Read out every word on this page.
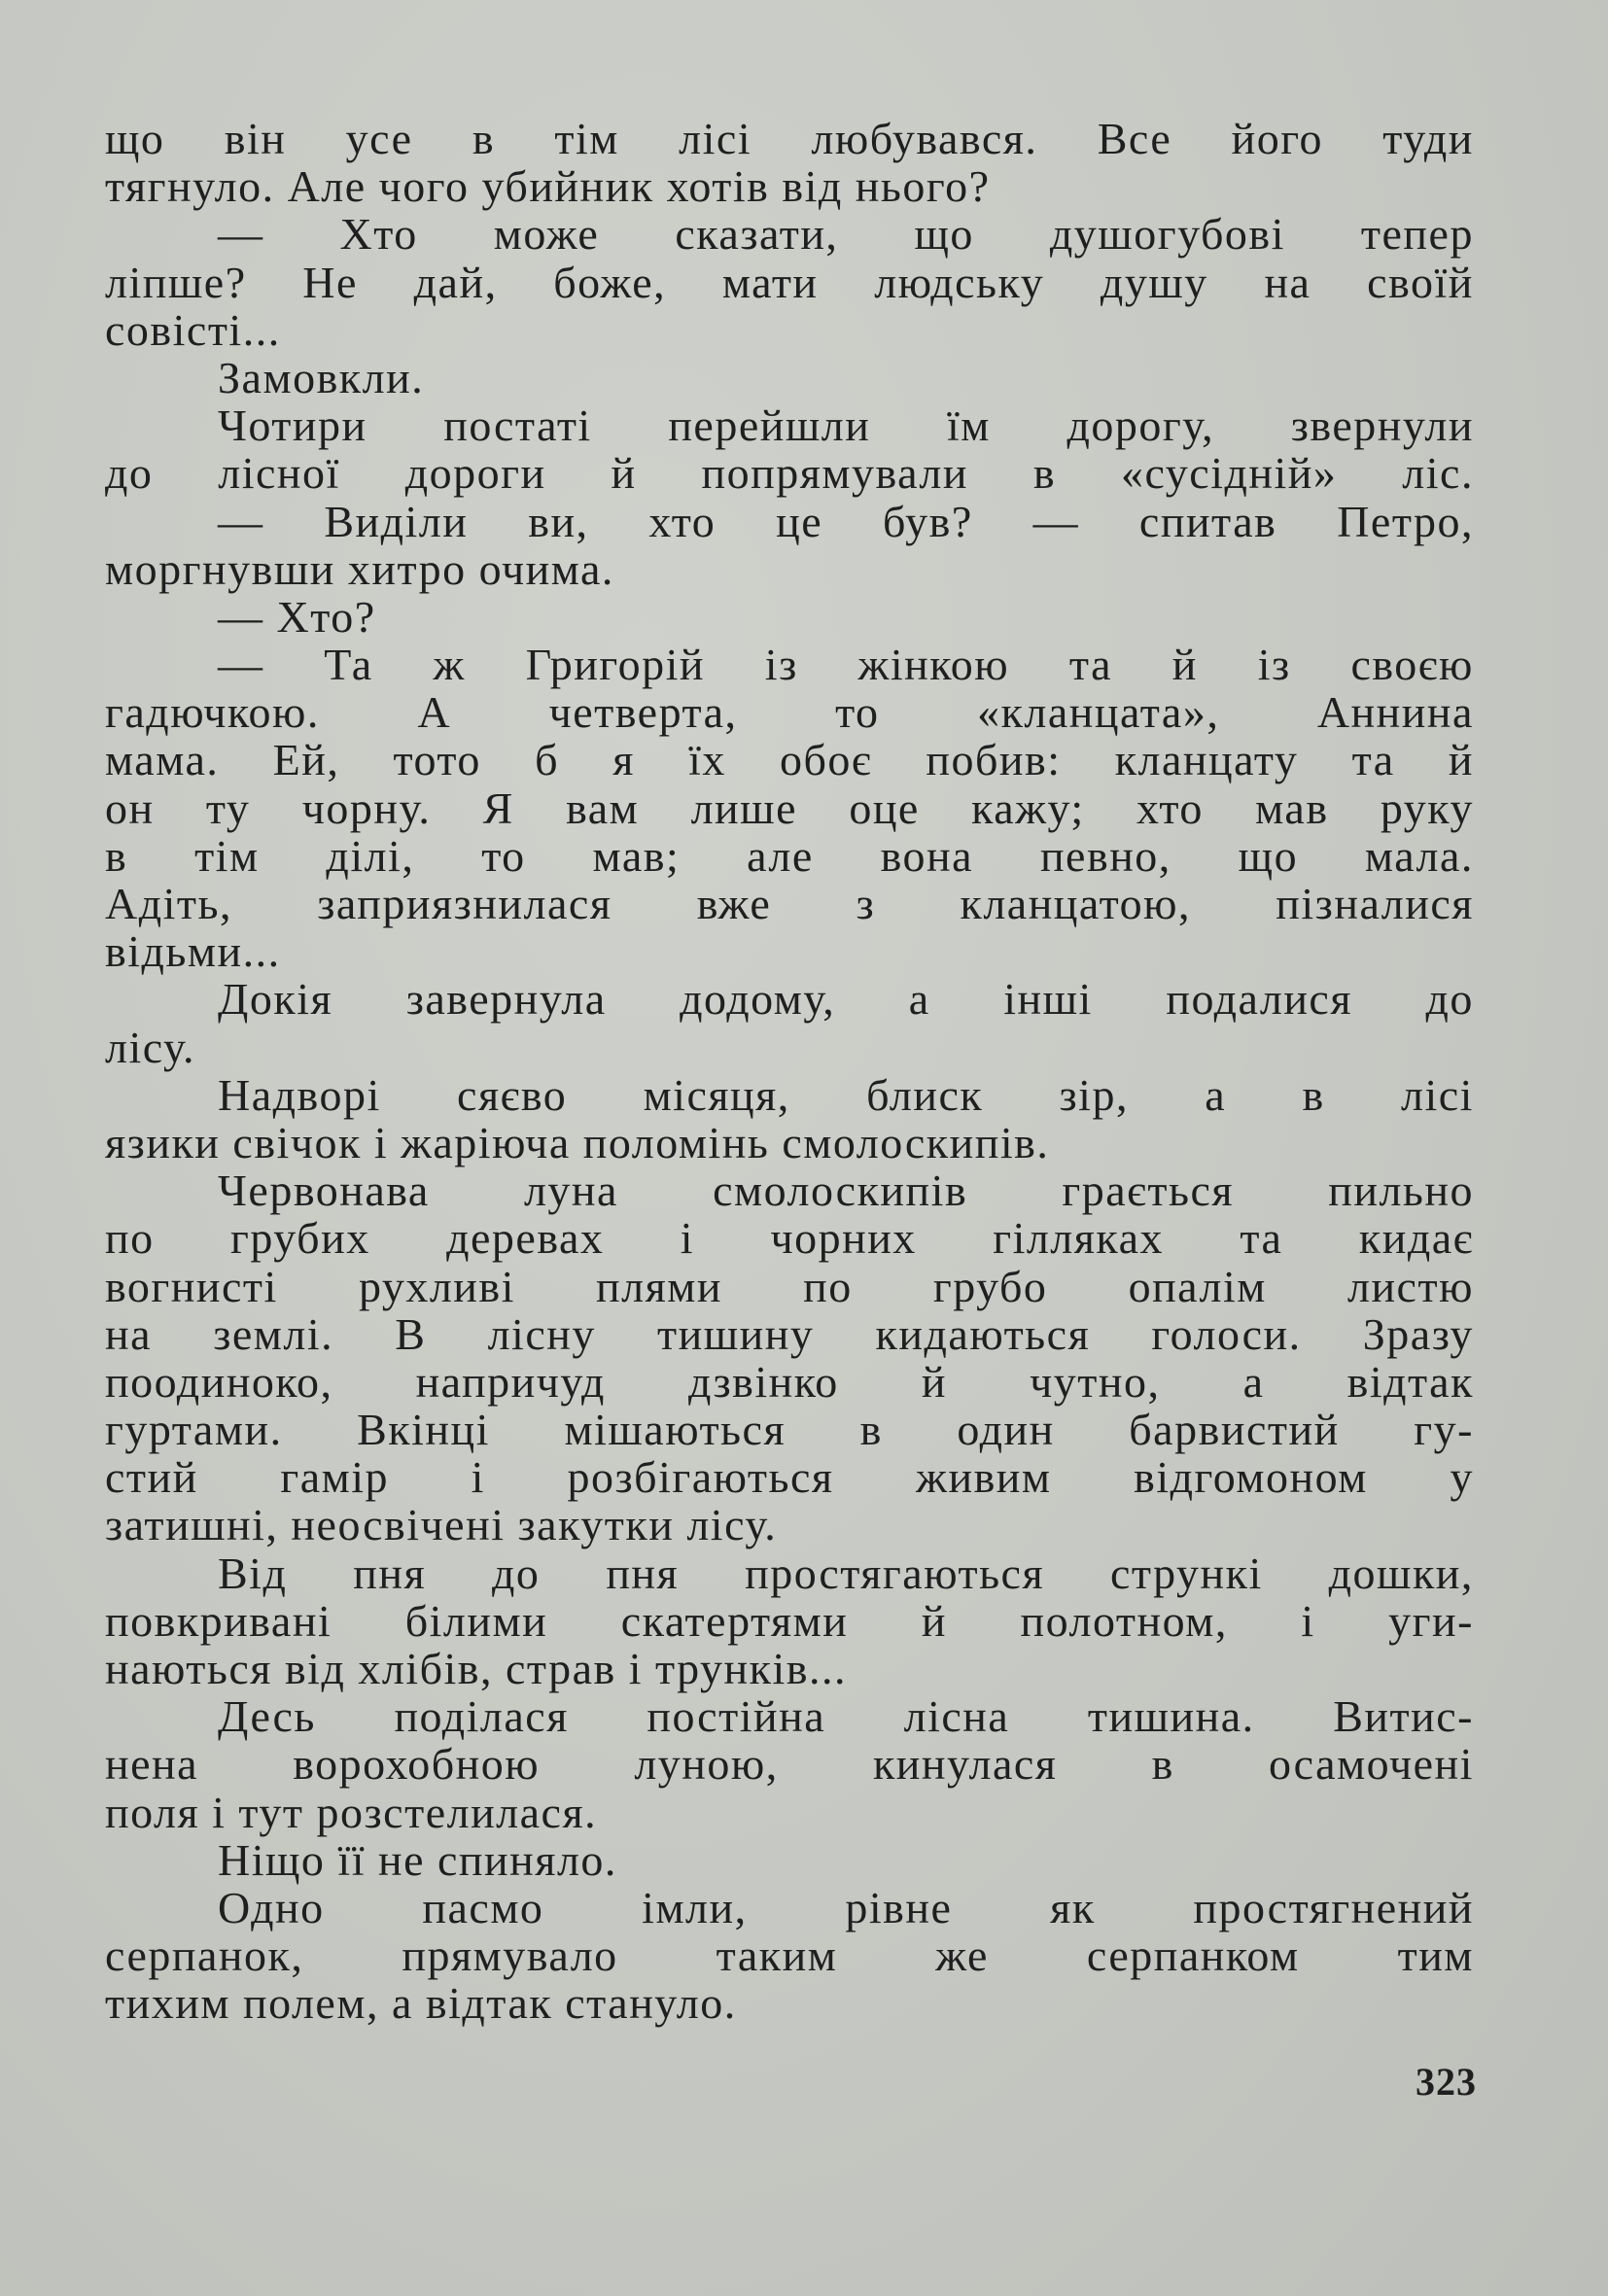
що він усе в тім лісі любувався. Все його туди
тягнуло. Але чого убийник хотів від нього?
— Хто може сказати, що душогубові тепер
ліпше? Не дай, боже, мати людську душу на своїй
совісті...
Замовкли.
Чотири постаті перейшли їм дорогу, звернули
до лісної дороги й попрямували в «сусідній» ліс.
— Виділи ви, хто це був? — спитав Петро,
моргнувши хитро очима.
— Хто?
— Та ж Григорій із жінкою та й із своєю
гадючкою. А четверта, то «кланцата», Аннина
мама. Ей, тото б я їх обоє побив: кланцату та й
он ту чорну. Я вам лише оце кажу; хто мав руку
в тім ділі, то мав; але вона певно, що мала.
Адіть, заприязнилася вже з кланцатою, пізналися
відьми...
Докія завернула додому, а інші подалися до
лісу.
Надворі сяєво місяця, блиск зір, а в лісі
язики свічок і жаріюча поломінь смолоскипів.
Червонава луна смолоскипів грається пильно
по грубих деревах і чорних гілляках та кидає
вогнисті рухливі плями по грубо опалім листю
на землі. В лісну тишину кидаються голоси. Зразу
поодиноко, напричуд дзвінко й чутно, а відтак
гуртами. Вкінці мішаються в один барвистий гу-
стий гамір і розбігаються живим відгомоном у
затишні, неосвічені закутки лісу.
Від пня до пня простягаються стрункі дошки,
повкривані білими скатертями й полотном, і уги-
наються від хлібів, страв і трунків...
Десь поділася постійна лісна тишина. Витис-
нена ворохобною луною, кинулася в осамочені
поля і тут розстелилася.
Ніщо її не спиняло.
Одно пасмо імли, рівне як простягнений
серпанок, прямувало таким же серпанком тим
тихим полем, а відтак стануло.
323
